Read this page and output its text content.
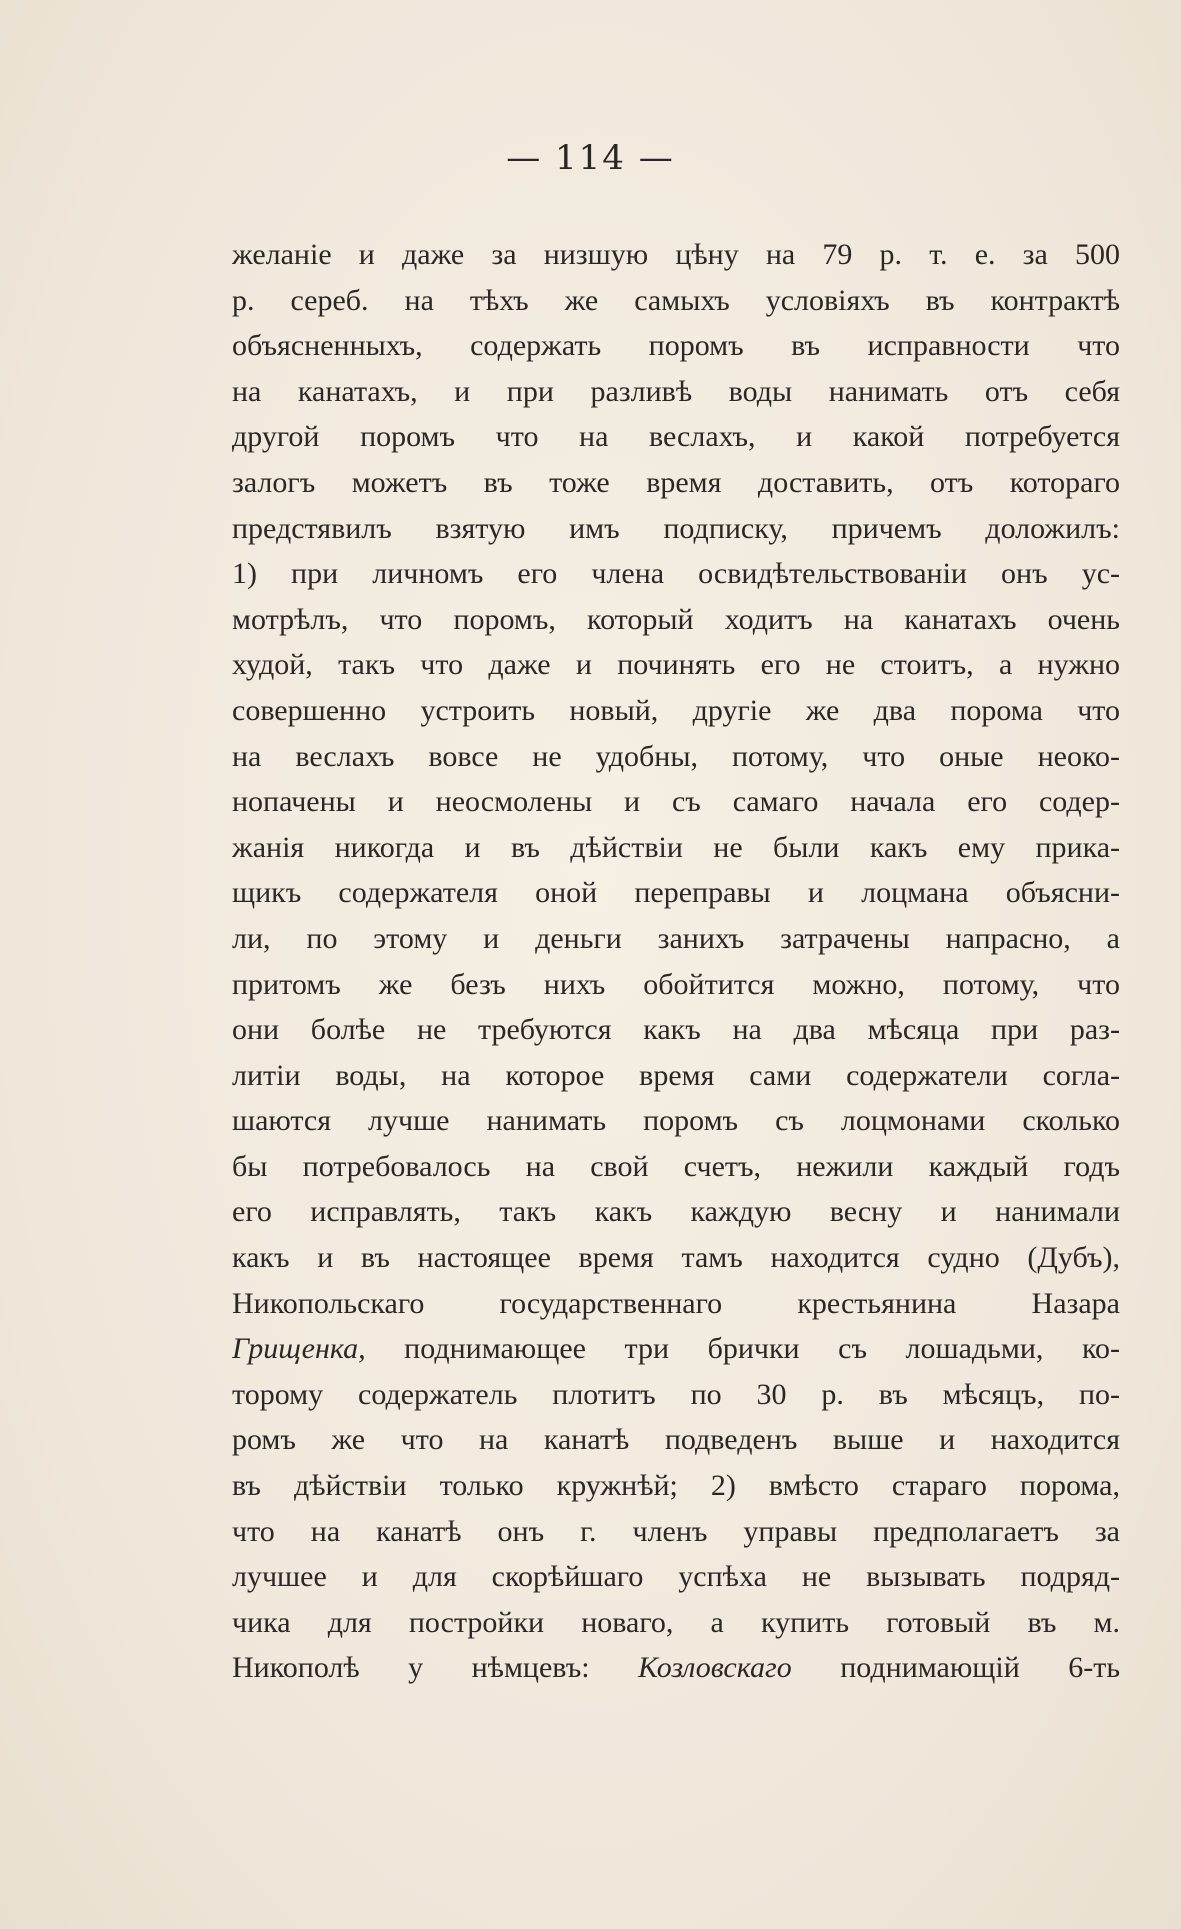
— 114 —
желанiе и даже за низшую цѣну на 79 р. т. е. за 500
р. сереб. на тѣхъ же самыхъ условiяхъ въ контрактѣ
объясненныхъ, содержать поромъ въ исправности что
на канатахъ, и при разливѣ воды нанимать отъ себя
другой поромъ что на веслахъ, и какой потребуется
залогъ можетъ въ тоже время доставить, отъ котораго
предстявилъ взятую имъ подписку, причемъ доложилъ:
1) при личномъ его члена освидѣтельствованiи онъ ус-
мотрѣлъ, что поромъ, который ходитъ на канатахъ очень
худой, такъ что даже и починять его не стоитъ, а нужно
совершенно устроить новый, другiе же два порома что
на веслахъ вовсе не удобны, потому, что оные неоко-
нопачены и неосмолены и съ самаго начала его содер-
жанiя никогда и въ дѣйствiи не были какъ ему прика-
щикъ содержателя оной переправы и лоцмана объясни-
ли, по этому и деньги занихъ затрачены напрасно, а
притомъ же безъ нихъ обойтится можно, потому, что
они болѣе не требуются какъ на два мѣсяца при раз-
литiи воды, на которое время сами содержатели согла-
шаются лучше нанимать поромъ съ лоцмонами сколько
бы потребовалось на свой счетъ, нежили каждый годъ
его исправлять, такъ какъ каждую весну и нанимали
какъ и въ настоящее время тамъ находится судно (Дубъ),
Никопольскаго государственнаго крестьянина Назара
Грищенка, поднимающее три брички съ лошадьми, ко-
торому содержатель плотитъ по 30 р. въ мѣсяцъ, по-
ромъ же что на канатѣ подведенъ выше и находится
въ дѣйствiи только кружнѣй; 2) вмѣсто стараго порома,
что на канатѣ онъ г. членъ управы предполагаетъ за
лучшее и для скорѣйшаго успѣха не вызывать подряд-
чика для постройки новаго, а купить готовый въ м.
Никополѣ у нѣмцевъ: Козловскаго поднимающiй 6-ть
